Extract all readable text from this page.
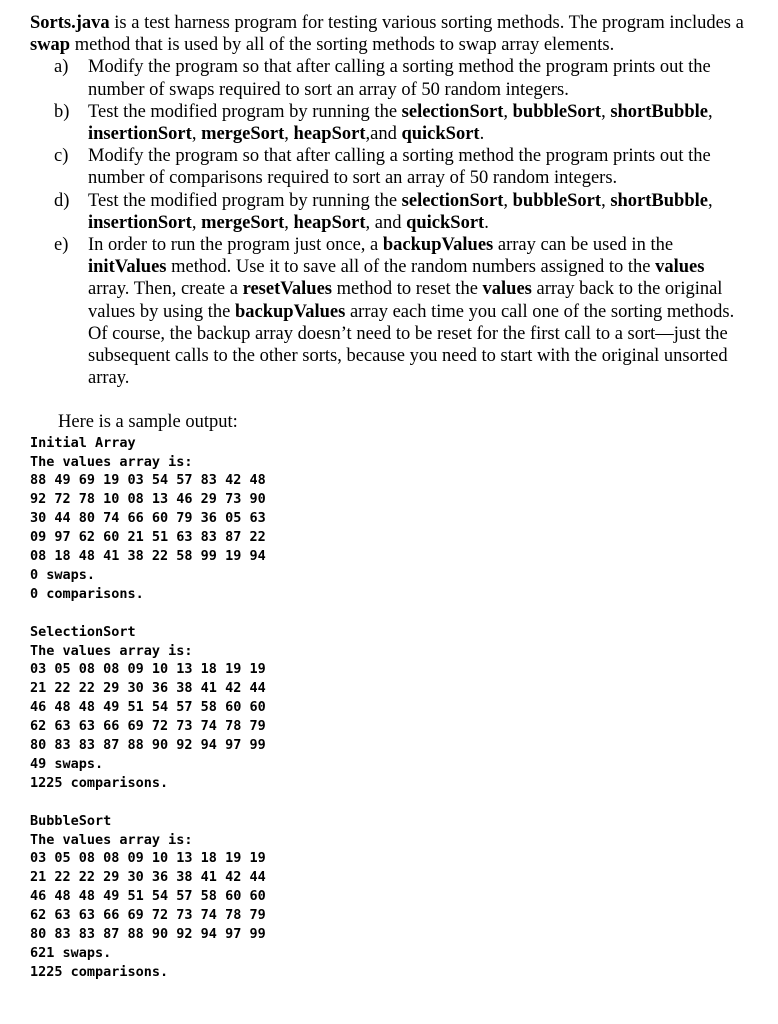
Sorts.java is a test harness program for testing various sorting methods. The program includes a swap method that is used by all of the sorting methods to swap array elements.

a) Modify the program so that after calling a sorting method the program prints out the number of swaps required to sort an array of 50 random integers.
b) Test the modified program by running the selectionSort, bubbleSort, shortBubble, insertionSort, mergeSort, heapSort,and quickSort.
c) Modify the program so that after calling a sorting method the program prints out the number of comparisons required to sort an array of 50 random integers.
d) Test the modified program by running the selectionSort, bubbleSort, shortBubble, insertionSort, mergeSort, heapSort, and quickSort.
e) In order to run the program just once, a backupValues array can be used in the initValues method. Use it to save all of the random numbers assigned to the values array. Then, create a resetValues method to reset the values array back to the original values by using the backupValues array each time you call one of the sorting methods. Of course, the backup array doesn’t need to be reset for the first call to a sort—just the subsequent calls to the other sorts, because you need to start with the original unsorted array.
Here is a sample output:
Initial Array
The values array is:
88 49 69 19 03 54 57 83 42 48
92 72 78 10 08 13 46 29 73 90
30 44 80 74 66 60 79 36 05 63
09 97 62 60 21 51 63 83 87 22
08 18 48 41 38 22 58 99 19 94
0 swaps.
0 comparisons.
SelectionSort
The values array is:
03 05 08 08 09 10 13 18 19 19
21 22 22 29 30 36 38 41 42 44
46 48 48 49 51 54 57 58 60 60
62 63 63 66 69 72 73 74 78 79
80 83 83 87 88 90 92 94 97 99
49 swaps.
1225 comparisons.
BubbleSort
The values array is:
03 05 08 08 09 10 13 18 19 19
21 22 22 29 30 36 38 41 42 44
46 48 48 49 51 54 57 58 60 60
62 63 63 66 69 72 73 74 78 79
80 83 83 87 88 90 92 94 97 99
621 swaps.
1225 comparisons.
